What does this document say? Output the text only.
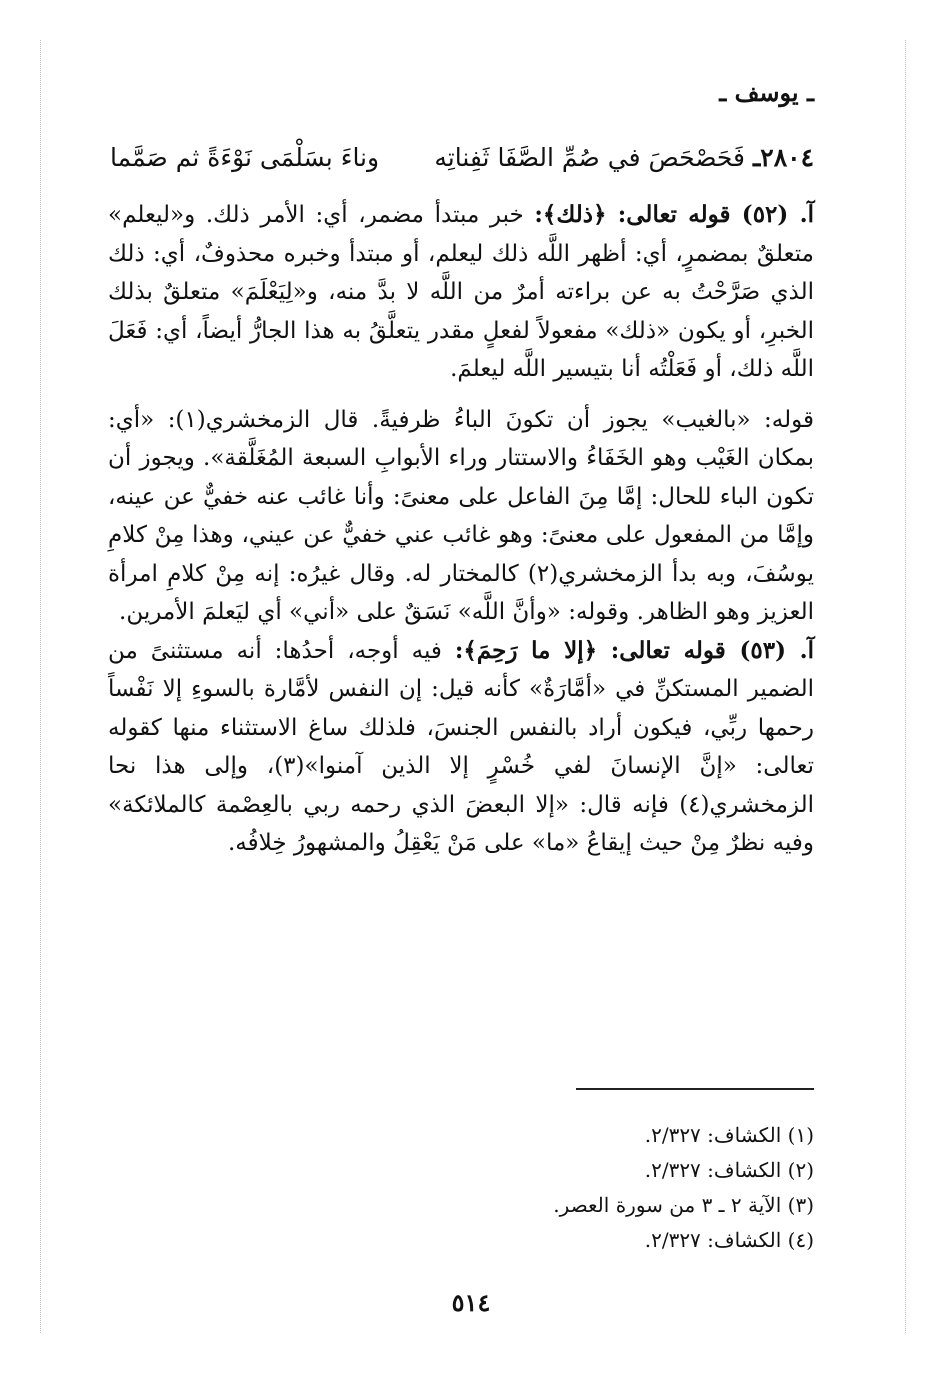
ـ يوسف ـ
٢٨٠٤ـ فَحَصْحَصَ في صُمِّ الصَّفَا ثَفِناتِه
وناءَ بسَلْمَى نَوْءَةً ثم صَمَّما

آ. (٥٢) قوله تعالى: ﴿ذلك﴾: خبر مبتدأ مضمر، أي: الأمر ذلك. و«ليعلم» متعلقٌ بمضمرٍ، أي: أظهر اللَّه ذلك ليعلم، أو مبتدأ وخبره محذوفٌ، أي: ذلك الذي صَرَّحْتُ به عن براءته أمرٌ من اللَّه لا بدَّ منه، و«لِيَعْلَمَ» متعلقٌ بذلك الخبرِ، أو يكون «ذلك» مفعولاً لفعلٍ مقدر يتعلَّقُ به هذا الجارُّ أيضاً، أي: فَعَلَ اللَّه ذلك، أو فَعَلْتُه أنا بتيسير اللَّه ليعلمَ.

قوله: «بالغيب» يجوز أن تكونَ الباءُ ظرفيةً. قال الزمخشري(١): «أي: بمكان الغَيْب وهو الخَفَاءُ والاستتار وراء الأبوابِ السبعة المُغَلَّقة». ويجوز أن تكون الباء للحال: إمَّا مِنَ الفاعل على معنىً: وأنا غائب عنه خفيٌّ عن عينه، وإمَّا من المفعول على معنىً: وهو غائب عني خفيٌّ عن عيني، وهذا مِنْ كلامِ يوسُفَ، وبه بدأ الزمخشري(٢) كالمختار له. وقال غيرُه: إنه مِنْ كلامِ امرأة العزيز وهو الظاهر. وقوله: «وأنَّ اللَّه» نَسَقٌ على «أني» أي ليَعلمَ الأمرين.

آ. (٥٣) قوله تعالى: ﴿إلا ما رَحِمَ﴾: فيه أوجه، أحدُها: أنه مستثنىً من الضمير المستكنِّ في «أمَّارَةٌ» كأنه قيل: إن النفس لأمَّارة بالسوءِ إلا نَفْساً رحمها ربِّي، فيكون أراد بالنفس الجنسَ، فلذلك ساغ الاستثناء منها كقوله تعالى: «إنَّ الإنسانَ لفي خُسْرٍ إلا الذين آمنوا»(٣)، وإلى هذا نحا الزمخشري(٤) فإنه قال: «إلا البعضَ الذي رحمه ربي بالعِصْمة كالملائكة» وفيه نظرٌ مِنْ حيث إيقاعُ «ما» على مَنْ يَعْقِلُ والمشهورُ خِلافُه.

(١) الكشاف: ٢/٣٢٧.
(٢) الكشاف: ٢/٣٢٧.
(٣) الآية ٢ ـ ٣ من سورة العصر.
(٤) الكشاف: ٢/٣٢٧.
٥١٤
